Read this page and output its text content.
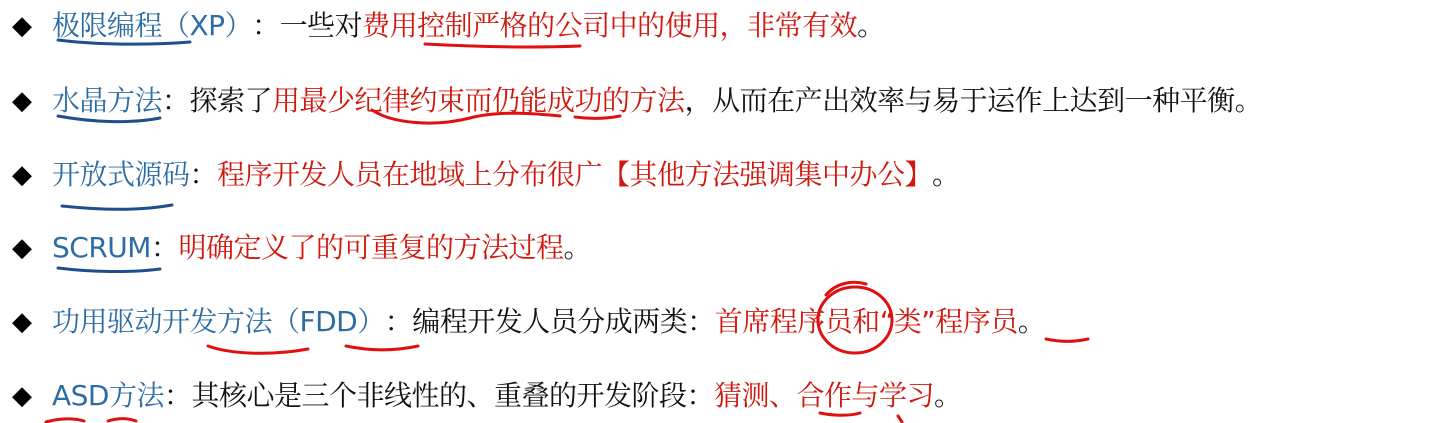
◆ 极限编程（XP） ： 一些对 费用控制严格的公司中的使用，非常有效 。
◆ 水晶方法 ： 探索了 用最少纪律约束而仍能成功的方法 ，从而在产出效率与易于运作上达到一种平衡。
◆ 开放式源码 ： 程序开发人员在地域上分布很广【其他方法强调集中办公】 。
◆ SCRUM ： 明确定义了的可重复的方法过程 。
◆ 功用驱动开发方法（FDD） ： 编程开发人员分成两类： 首席程序员和“类”程序员 。
◆ ASD方法 ： 其核心是三个非线性的、重叠的开发阶段： 猜测、合作与学习 。
